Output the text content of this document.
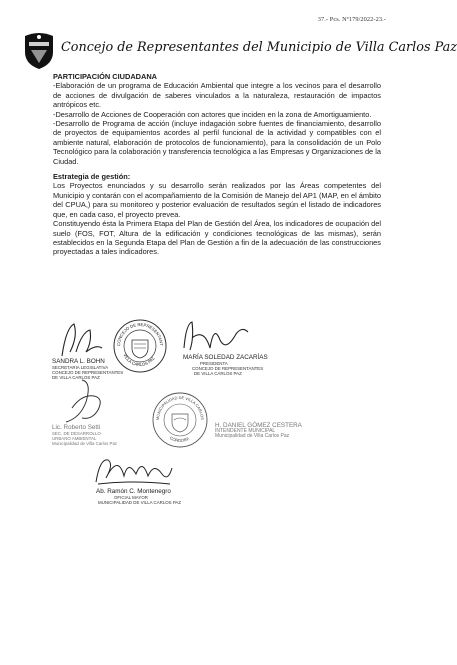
37.- Pcs. Nº179/2022-23.-
Concejo de Representantes del Municipio de Villa Carlos Paz

PARTICIPACIÓN CIUDADANA

-Elaboración de un programa de Educación Ambiental que integre a los vecinos para el desarrollo de acciones de divulgación de saberes vinculados a la naturaleza, restauración de impactos antrópicos etc.

-Desarrollo de Acciones de Cooperación con actores que inciden en la zona de Amortiguamiento.

-Desarrollo de Programa de acción (incluye indagación sobre fuentes de financiamiento, desarrollo de proyectos de equipamientos acordes al perfil funcional de la actividad y compatibles con el ambiente natural, elaboración de protocolos de funcionamiento), para la consolidación de un Polo Tecnológico para la colaboración y transferencia tecnológica a las Empresas y Organizaciones de la Ciudad.

Estrategia de gestión:

Los Proyectos enunciados y su desarrollo serán realizados por las Áreas competentes del Municipio y contarán con el acompañamiento de la Comisión de Manejo del AP1 (MAP, en el ámbito del CPUA,) para su monitoreo y posterior evaluación de resultados según el listado de indicadores que, en cada caso, el proyecto prevea.

Constituyendo ésta la Primera Etapa del Plan de Gestión del Área, los indicadores de ocupación del suelo (FOS, FOT, Altura de la edificación y condiciones tecnológicas de las mismas), serán establecidos en la Segunda Etapa del Plan de Gestión a fin de la adecuación de las construcciones proyectadas a tales indicadores.

SANDRA L. BOHN
SECRETARIA LEGISLATIVA
CONCEJO DE REPRESENTANTES
DE VILLA CARLOS PAZ
CONCEJO DE REPRESENTANT
VILLA CARLOS PAZ	MARÍA SOLEDAD ZACARÍAS
PRESIDENTA
CONCEJO DE REPRESENTANTES
DE VILLA CARLOS PAZ
Lic. Roberto Setti
SEC. DE DESARROLLO
URBANO AMBIENTAL
Municipalidad de Villa Carlos Paz
MUNICIPALIDAD DE VILLA CARLOS
CÓRDOBA
H. DANIEL GÓMEZ CESTERA
INTENDENTE MUNICIPAL
Municipalidad de Villa Carlos Paz
Ab. Ramón C. Montenegro
OFICIAL MAYOR
MUNICIPALIDAD DE VILLA CARLOS PAZ
